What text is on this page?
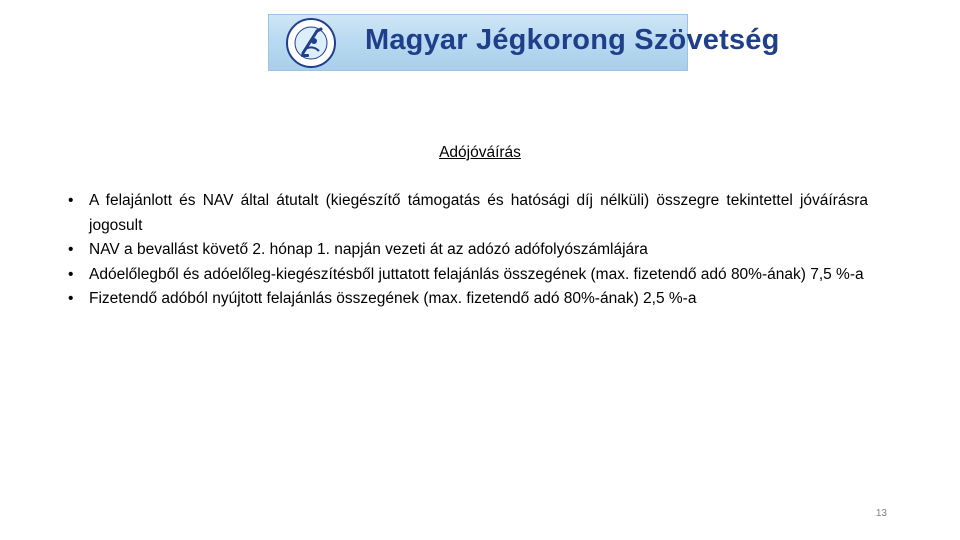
Magyar Jégkorong Szövetség
Adójóváírás
• A felajánlott és NAV által átutalt (kiegészítő támogatás és hatósági díj nélküli) összegre tekintettel jóváírásra jogosult
• NAV a bevallást követő 2. hónap 1. napján vezeti át az adózó adófolyószámlájára
• Adóelőlegből és adóelőleg-kiegészítésből juttatott felajánlás összegének (max. fizetendő adó 80%-ának) 7,5 %-a
• Fizetendő adóból nyújtott felajánlás összegének (max. fizetendő adó 80%-ának) 2,5 %-a
13
